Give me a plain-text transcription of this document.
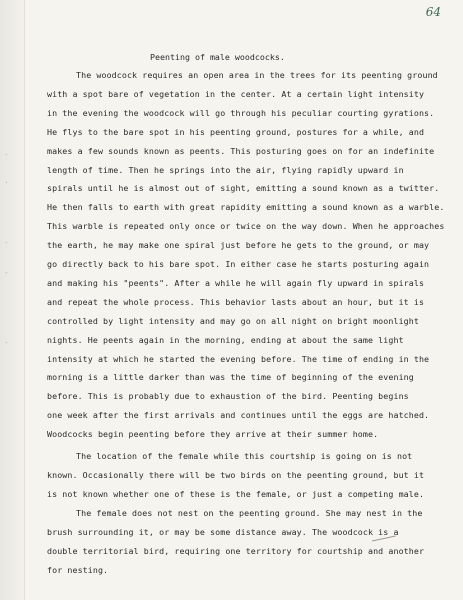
-
·
-
-
-
64
Peenting of male woodcocks.
The woodcock requires an open area in the trees for its peenting ground
with a spot bare of vegetation in the center. At a certain light intensity
in the evening the woodcock will go through his peculiar courting gyrations.
He flys to the bare spot in his peenting ground, postures for a while, and
makes a few sounds known as peents. This posturing goes on for an indefinite
length of time. Then he springs into the air, flying rapidly upward in
spirals until he is almost out of sight, emitting a sound known as a twitter.
He then falls to earth with great rapidity emitting a sound known as a warble.
This warble is repeated only once or twice on the way down. When he approaches
the earth, he may make one spiral just before he gets to the ground, or may
go directly back to his bare spot. In either case he starts posturing again
and making his "peents". After a while he will again fly upward in spirals
and repeat the whole process. This behavior lasts about an hour, but it is
controlled by light intensity and may go on all night on bright moonlight
nights. He peents again in the morning, ending at about the same light
intensity at which he started the evening before. The time of ending in the
morning is a little darker than was the time of beginning of the evening
before. This is probably due to exhaustion of the bird. Peenting begins
one week after the first arrivals and continues until the eggs are hatched.
Woodcocks begin peenting before they arrive at their summer home.
The location of the female while this courtship is going on is not
known. Occasionally there will be two birds on the peenting ground, but it
is not known whether one of these is the female, or just a competing male.
The female does not nest on the peenting ground. She may nest in the
brush surrounding it, or may be some distance away. The woodcock is a
double territorial bird, requiring one territory for courtship and another
for nesting.
